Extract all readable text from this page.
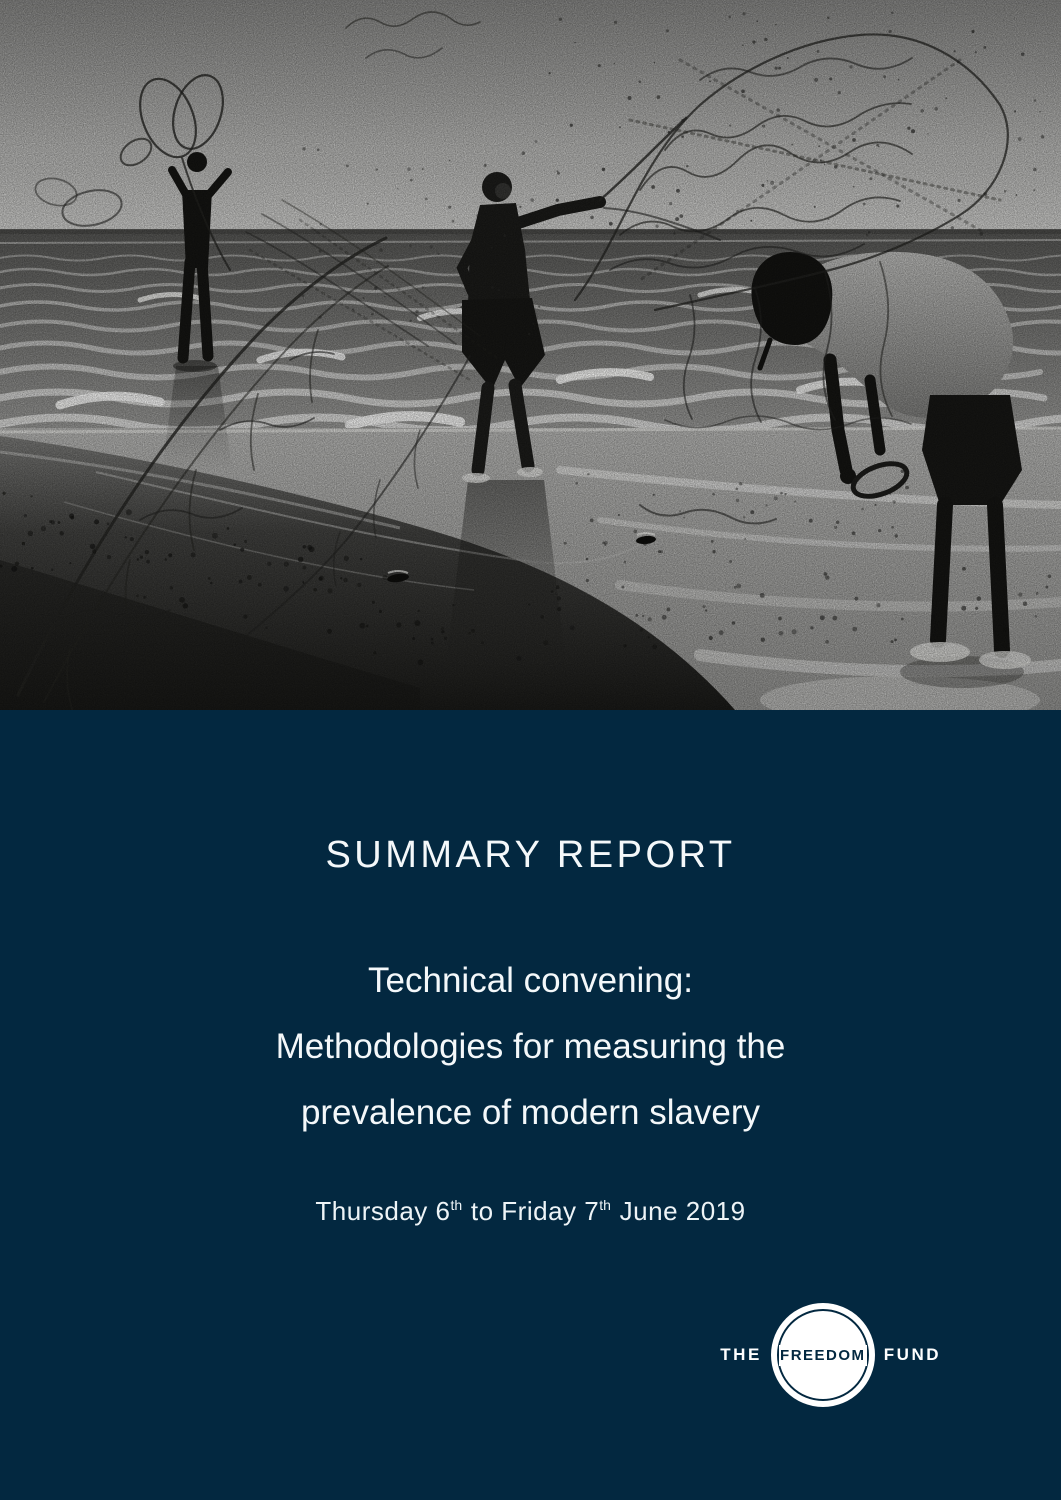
SUMMARY REPORT
Technical convening:
Methodologies for measuring the
prevalence of modern slavery
Thursday 6th to Friday 7th June 2019
THE FREEDOM FUND
